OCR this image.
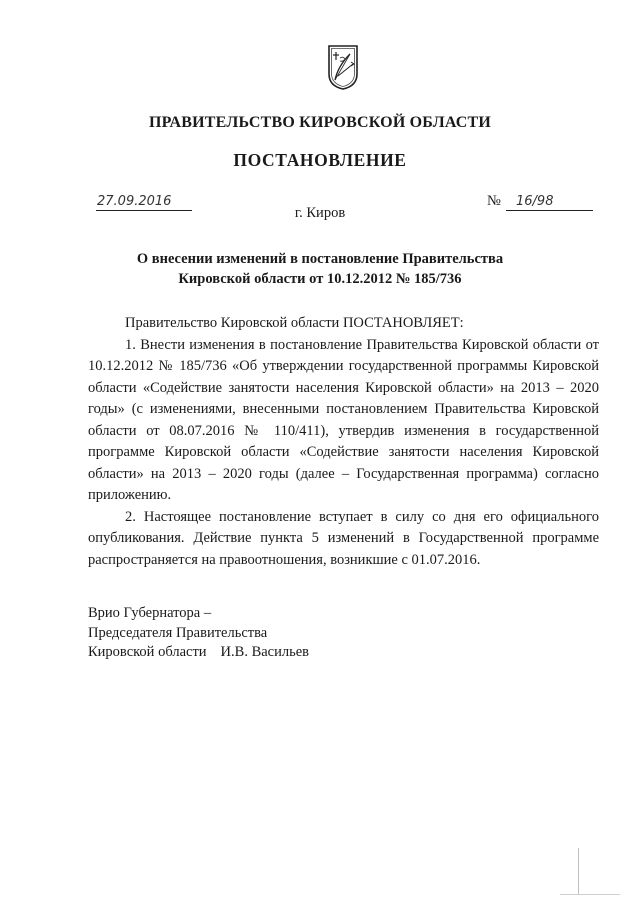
ПРАВИТЕЛЬСТВО КИРОВСКОЙ ОБЛАСТИ
ПОСТАНОВЛЕНИЕ
27.09.2016	№ 16/98
г. Киров
О внесении изменений в постановление Правительства
Кировской области от 10.12.2012 № 185/736

Правительство Кировской области ПОСТАНОВЛЯЕТ:

1. Внести изменения в постановление Правительства Кировской области от 10.12.2012 № 185/736 «Об утверждении государственной программы Кировской области «Содействие занятости населения Кировской области» на 2013 – 2020 годы» (с изменениями, внесенными постановлением Правительства Кировской области от 08.07.2016 № 110/411), утвердив изменения в государственной программе Кировской области «Содействие занятости населения Кировской области» на 2013 – 2020 годы (далее – Государственная программа) согласно приложению.

2. Настоящее постановление вступает в силу со дня его официального опубликования. Действие пункта 5 изменений в Государственной программе распространяется на правоотношения, возникшие с 01.07.2016.

Врио Губернатора –
Председателя Правительства
Кировской области И.В. Васильев
